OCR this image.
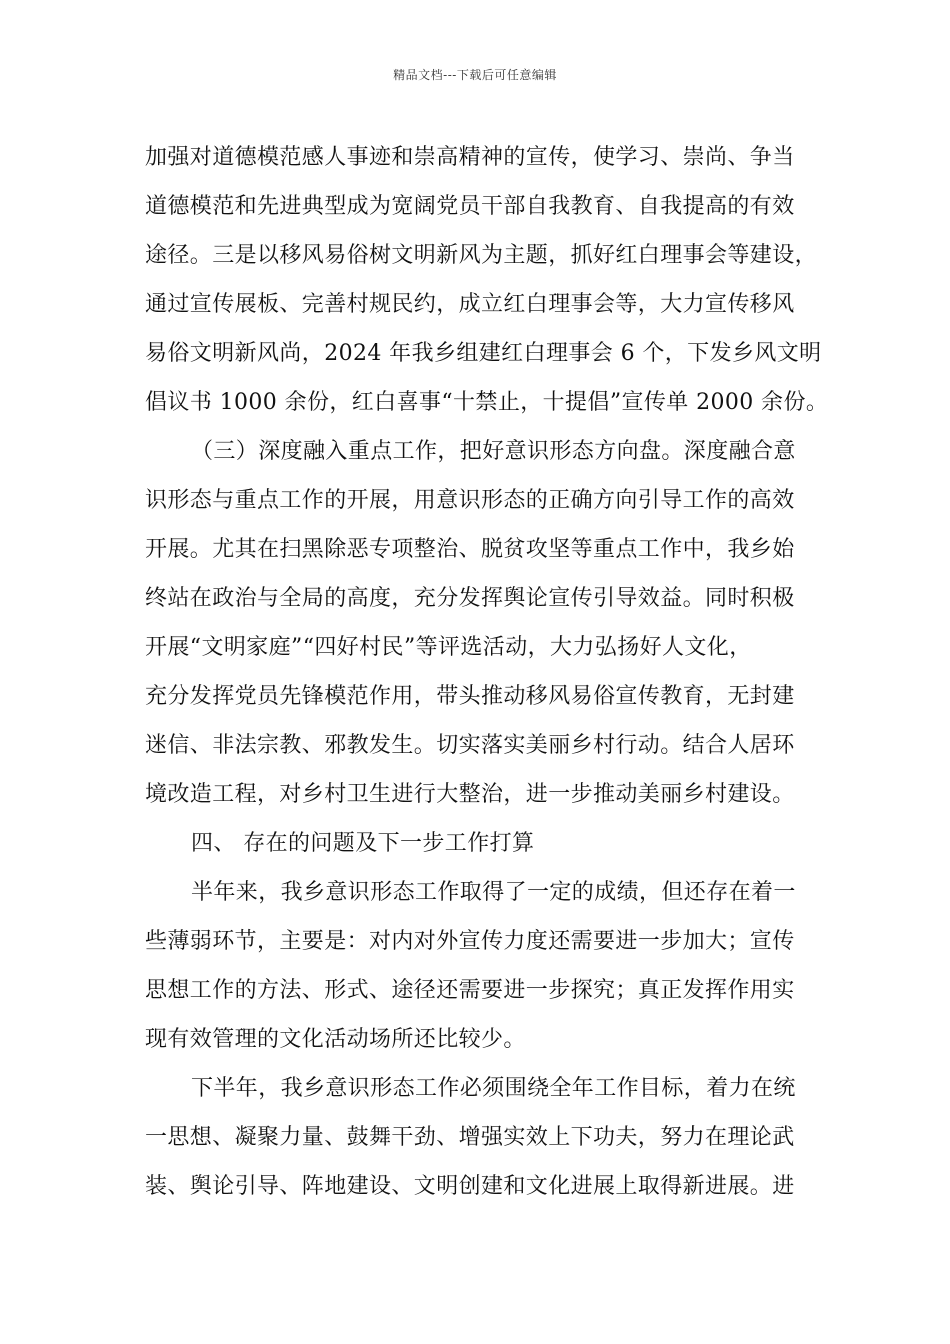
精品文档---下载后可任意编辑
加强对道德模范感人事迹和崇高精神的宣传，使学习、崇尚、争当
道德模范和先进典型成为宽阔党员干部自我教育、自我提高的有效
途径。三是以移风易俗树文明新风为主题，抓好红白理事会等建设，
通过宣传展板、完善村规民约，成立红白理事会等，大力宣传移风
易俗文明新风尚，2024 年我乡组建红白理事会 6 个，下发乡风文明
倡议书 1000 余份，红白喜事“十禁止，十提倡”宣传单 2000 余份。
（三）深度融入重点工作，把好意识形态方向盘。深度融合意
识形态与重点工作的开展，用意识形态的正确方向引导工作的高效
开展。尤其在扫黑除恶专项整治、脱贫攻坚等重点工作中，我乡始
终站在政治与全局的高度，充分发挥舆论宣传引导效益。同时积极
开展“文明家庭”“四好村民”等评选活动，大力弘扬好人文化，
充分发挥党员先锋模范作用，带头推动移风易俗宣传教育，无封建
迷信、非法宗教、邪教发生。切实落实美丽乡村行动。结合人居环
境改造工程，对乡村卫生进行大整治，进一步推动美丽乡村建设。
四、 存在的问题及下一步工作打算
半年来，我乡意识形态工作取得了一定的成绩，但还存在着一
些薄弱环节，主要是：对内对外宣传力度还需要进一步加大；宣传
思想工作的方法、形式、途径还需要进一步探究；真正发挥作用实
现有效管理的文化活动场所还比较少。
下半年，我乡意识形态工作必须围绕全年工作目标，着力在统
一思想、凝聚力量、鼓舞干劲、增强实效上下功夫，努力在理论武
装、舆论引导、阵地建设、文明创建和文化进展上取得新进展。进
